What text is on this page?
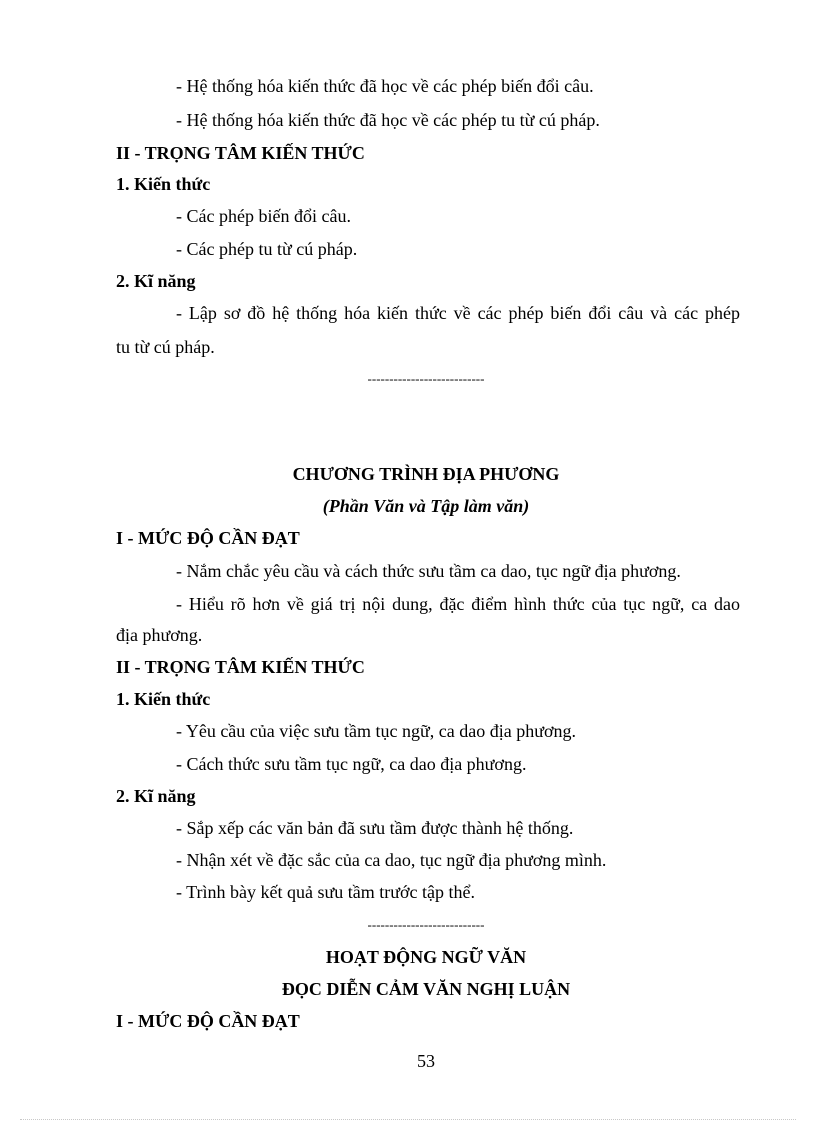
- Hệ thống hóa kiến thức đã học về các phép biến đổi câu.
- Hệ thống hóa kiến thức đã học về các phép tu từ cú pháp.
II - TRỌNG TÂM KIẾN THỨC
1. Kiến thức
- Các phép biến đổi câu.
- Các phép tu từ cú pháp.
2. Kĩ năng
- Lập sơ đồ hệ thống hóa kiến thức về các phép biến đổi câu và các phép
tu từ cú pháp.
---------------------------
CHƯƠNG TRÌNH ĐỊA PHƯƠNG
(Phần Văn và Tập làm văn)
I - MỨC ĐỘ CẦN ĐẠT
- Nắm chắc yêu cầu và cách thức sưu tầm ca dao, tục ngữ địa phương.
- Hiểu rõ hơn về giá trị nội dung, đặc điểm hình thức của tục ngữ, ca dao
địa phương.
II - TRỌNG TÂM KIẾN THỨC
1. Kiến thức
- Yêu cầu của việc sưu tầm tục ngữ, ca dao địa phương.
- Cách thức sưu tầm tục ngữ, ca dao địa phương.
2. Kĩ năng
- Sắp xếp các văn bản đã sưu tầm được thành hệ thống.
- Nhận xét về đặc sắc của ca dao, tục ngữ địa phương mình.
- Trình bày kết quả sưu tầm trước tập thể.
---------------------------
HOẠT ĐỘNG NGỮ VĂN
ĐỌC DIỄN CẢM VĂN NGHỊ LUẬN
I - MỨC ĐỘ CẦN ĐẠT
53
